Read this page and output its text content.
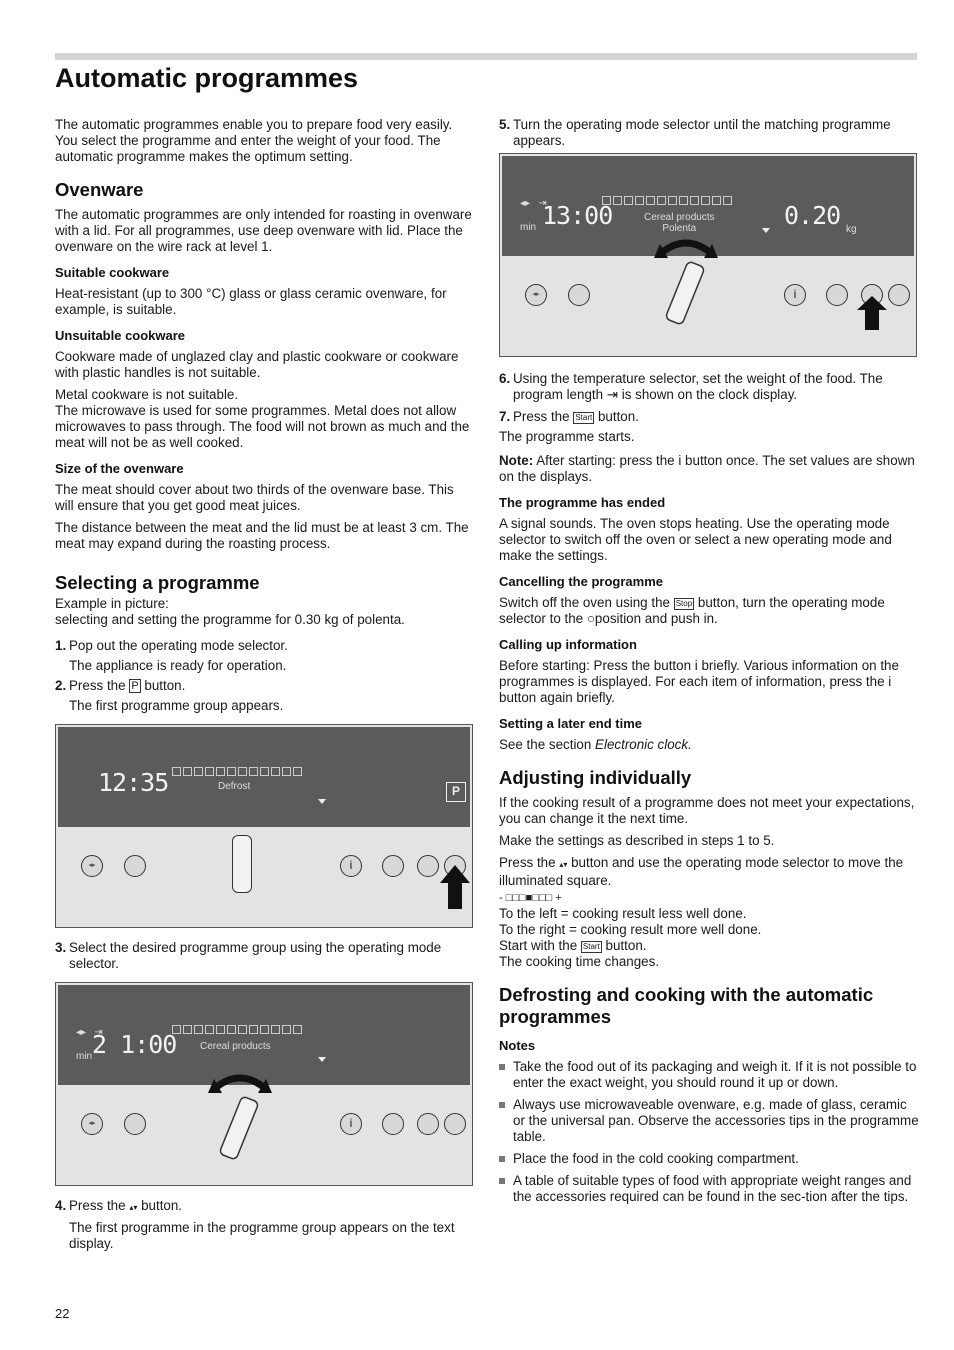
Automatic programmes

The automatic programmes enable you to prepare food very easily. You select the programme and enter the weight of your food. The automatic programme makes the optimum setting.

Ovenware

The automatic programmes are only intended for roasting in ovenware with a lid. For all programmes, use deep ovenware with lid. Place the ovenware on the wire rack at level 1.

Suitable cookware

Heat-resistant (up to 300 °C) glass or glass ceramic ovenware, for example, is suitable.

Unsuitable cookware

Cookware made of unglazed clay and plastic cookware or cookware with plastic handles is not suitable.

Metal cookware is not suitable.
The microwave is used for some programmes. Metal does not allow microwaves to pass through. The food will not brown as much and the meat will not be as well cooked.

Size of the ovenware

The meat should cover about two thirds of the ovenware base. This will ensure that you get good meat juices.

The distance between the meat and the lid must be at least 3 cm. The meat may expand during the roasting process.

Selecting a programme

Example in picture:
selecting and setting the programme for 0.30 kg of polenta.

1. Pop out the operating mode selector.

The appliance is ready for operation.

2. Press the P button.

The first programme group appears.

12:35	Defrost	P
◂▸	i
3. Select the desired programme group using the operating mode selector.
◂▸   ⇥
min 2 1:00 Cereal products
◂▸	i
4. Press the ▴▾ button.

The first programme in the programme group appears on the text display.

5. Turn the operating mode selector until the matching programme appears.
◂▸   ⇥
min 13:00	Cereal products
Polenta	0.20 kg
◂▸	i
6. Using the temperature selector, set the weight of the food. The program length ⇥ is shown on the clock display.
7. Press the Start button.

The programme starts.

Note: After starting: press the i button once. The set values are shown on the displays.

The programme has ended

A signal sounds. The oven stops heating. Use the operating mode selector to switch off the oven or select a new operating mode and make the settings.

Cancelling the programme

Switch off the oven using the Stop button, turn the operating mode selector to the ○position and push in.

Calling up information

Before starting: Press the button i briefly. Various information on the programmes is displayed. For each item of information, press the i button again briefly.

Setting a later end time

See the section Electronic clock.

Adjusting individually

If the cooking result of a programme does not meet your expectations, you can change it the next time.

Make the settings as described in steps 1 to 5.

Press the ▴▾ button and use the operating mode selector to move the illuminated square.
- □□□■□□□ +
To the left = cooking result less well done.
To the right = cooking result more well done.
Start with the Start button.
The cooking time changes.

Defrosting and cooking with the automatic programmes
Notes
Take the food out of its packaging and weigh it. If it is not possible to enter the exact weight, you should round it up or down.
Always use microwaveable ovenware, e.g. made of glass, ceramic or the universal pan. Observe the accessories tips in the programme table.
Place the food in the cold cooking compartment.
A table of suitable types of food with appropriate weight ranges and the accessories required can be found in the sec-tion after the tips.
22
